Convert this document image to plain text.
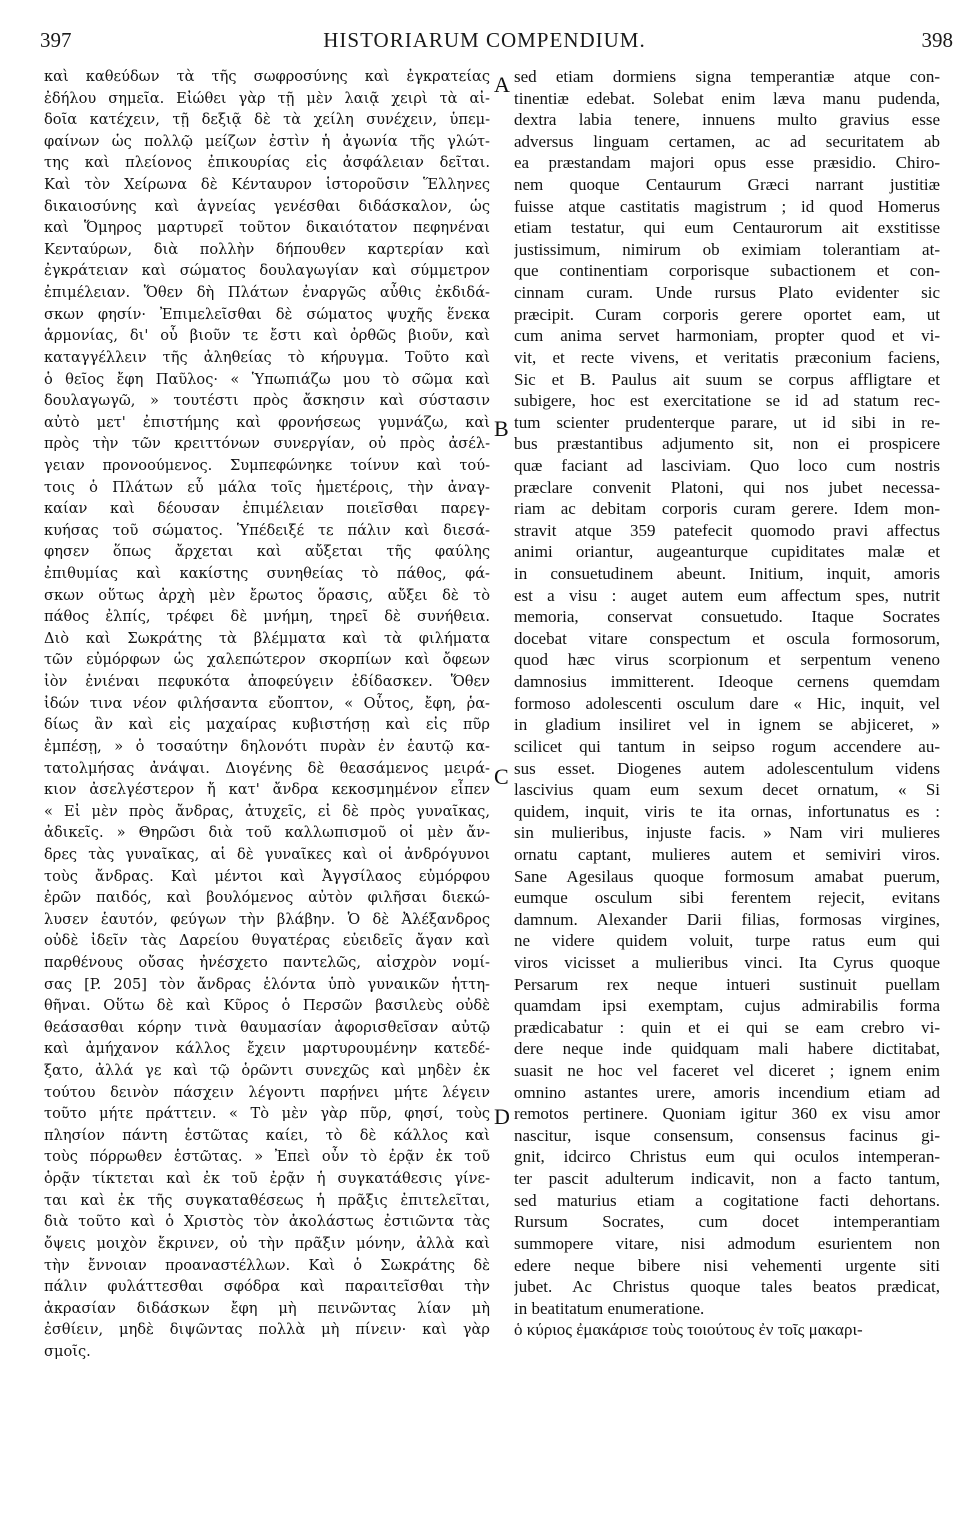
397	HISTORIARUM COMPENDIUM.	398
καὶ καθεύδων τὰ τῆς σωφροσύνης καὶ ἐγκρατείας
ἐδήλου σημεῖα. Εἰώθει γὰρ τῇ μὲν λαιᾷ χειρὶ τὰ αἰ-
δοῖα κατέχειν, τῇ δεξιᾷ δὲ τὰ χείλη συνέχειν, ὑπεμ-
φαίνων ὡς πολλῷ μείζων ἐστὶν ἡ ἀγωνία τῆς γλώτ-
της καὶ πλείονος ἐπικουρίας εἰς ἀσφάλειαν δεῖται.
Καὶ τὸν Χείρωνα δὲ Κένταυρον ἱστοροῦσιν Ἕλληνες
δικαιοσύνης καὶ ἁγνείας γενέσθαι διδάσκαλον, ὡς
καὶ Ὅμηρος μαρτυρεῖ τοῦτον δικαιότατον πεφηνέναι
Κενταύρων, διὰ πολλὴν δήπουθεν καρτερίαν καὶ
ἐγκράτειαν καὶ σώματος δουλαγωγίαν καὶ σύμμετρον
ἐπιμέλειαν. Ὅθεν δὴ Πλάτων ἐναργῶς αὖθις ἐκδιδά-
σκων φησίν· Ἐπιμελεῖσθαι δὲ σώματος ψυχῆς ἕνεκα
ἁρμονίας, δι' οὗ βιοῦν τε ἔστι καὶ ὀρθῶς βιοῦν, καὶ
καταγγέλλειν τῆς ἀληθείας τὸ κήρυγμα. Τοῦτο καὶ
ὁ θεῖος ἔφη Παῦλος· « Ὑπωπιάζω μου τὸ σῶμα καὶ
δουλαγωγῶ, » τουτέστι πρὸς ἄσκησιν καὶ σύστασιν
αὐτὸ μετ' ἐπιστήμης καὶ φρονήσεως γυμνάζω, καὶ
πρὸς τὴν τῶν κρειττόνων συνεργίαν, οὐ πρὸς ἀσέλ-
γειαν προνοούμενος. Συμπεφώνηκε τοίνυν καὶ τού-
τοις ὁ Πλάτων εὖ μάλα τοῖς ἡμετέροις, τὴν ἀναγ-
καίαν καὶ δέουσαν ἐπιμέλειαν ποιεῖσθαι παρεγ-
κυήσας τοῦ σώματος. Ὑπέδειξέ τε πάλιν καὶ διεσά-
φησεν ὅπως ἄρχεται καὶ αὔξεται τῆς φαύλης
ἐπιθυμίας καὶ κακίστης συνηθείας τὸ πάθος, φά-
σκων οὕτως ἀρχὴ μὲν ἔρωτος ὅρασις, αὔξει δὲ τὸ
πάθος ἐλπίς, τρέφει δὲ μνήμη, τηρεῖ δὲ συνήθεια.
Διὸ καὶ Σωκράτης τὰ βλέμματα καὶ τὰ φιλήματα
τῶν εὐμόρφων ὡς χαλεπώτερον σκορπίων καὶ ὄφεων
ἰὸν ἐνιέναι πεφυκότα ἀποφεύγειν ἐδίδασκεν. Ὅθεν
ἰδών τινα νέον φιλήσαντα εὔοπτον, « Οὗτος, ἔφη, ῥα-
δίως ἂν καὶ εἰς μαχαίρας κυβιστήσῃ καὶ εἰς πῦρ
ἐμπέσῃ, » ὁ τοσαύτην δηλονότι πυρὰν ἐν ἑαυτῷ κα-
τατολμήσας ἀνάψαι. Διογένης δὲ θεασάμενος μειρά-
κιον ἀσελγέστερον ἤ κατ' ἄνδρα κεκοσμημένον εἶπεν
« Εἰ μὲν πρὸς ἄνδρας, ἀτυχεῖς, εἰ δὲ πρὸς γυναῖκας,
ἀδικεῖς. » Θηρῶσι διὰ τοῦ καλλωπισμοῦ οἱ μὲν ἄν-
δρες τὰς γυναῖκας, αἱ δὲ γυναῖκες καὶ οἱ ἀνδρόγυνοι
τοὺς ἄνδρας. Καὶ μέντοι καὶ Ἀγγσίλαος εὐμόρφου
ἐρῶν παιδός, καὶ βουλόμενος αὐτὸν φιλῆσαι διεκώ-
λυσεν ἑαυτόν, φεύγων τὴν βλάβην. Ὁ δὲ Ἀλέξανδρος
οὐδὲ ἰδεῖν τὰς Δαρείου θυγατέρας εὐειδεῖς ἄγαν καὶ
παρθένους οὔσας ἠνέσχετο παντελῶς, αἰσχρὸν νομί-
σας [P. 205] τὸν ἄνδρας ἑλόντα ὑπὸ γυναικῶν ἡττη-
θῆναι. Οὕτω δὲ καὶ Κῦρος ὁ Περσῶν βασιλεὺς οὐδὲ
θεάσασθαι κόρην τινὰ θαυμασίαν ἀφορισθεῖσαν αὐτῷ
καὶ ἀμήχανον κάλλος ἔχειν μαρτυρουμένην κατεδέ-
ξατο, ἀλλά γε καὶ τῷ ὁρῶντι συνεχῶς καὶ μηδὲν ἐκ
τούτου δεινὸν πάσχειν λέγοντι παρῄνει μήτε λέγειν
τοῦτο μήτε πράττειν. « Τὸ μὲν γὰρ πῦρ, φησί, τοὺς
πλησίον πάντη ἑστῶτας καίει, τὸ δὲ κάλλος καὶ
τοὺς πόρρωθεν ἑστῶτας. » Ἐπεὶ οὖν τὸ ἐρᾷν ἐκ τοῦ
ὁρᾷν τίκτεται καὶ ἐκ τοῦ ἐρᾷν ἡ συγκατάθεσις γίνε-
ται καὶ ἐκ τῆς συγκαταθέσεως ἡ πρᾶξις ἐπιτελεῖται,
διὰ τοῦτο καὶ ὁ Χριστὸς τὸν ἀκολάστως ἐστιῶντα τὰς
ὄψεις μοιχὸν ἔκρινεν, οὐ τὴν πρᾶξιν μόνην, ἀλλὰ καὶ
τὴν ἔννοιαν προαναστέλλων. Καὶ ὁ Σωκράτης δὲ
πάλιν φυλάττεσθαι σφόδρα καὶ παραιτεῖσθαι τὴν
ἀκρασίαν διδάσκων ἔφη μὴ πεινῶντας λίαν μὴ
ἐσθίειν, μηδὲ διψῶντας πολλὰ μὴ πίνειν· καὶ γὰρ
σμοῖς.
sed etiam dormiens signa temperantiæ atque con-
tinentiæ edebat. Solebat enim læva manu pudenda,
dextra labia tenere, innuens multo gravius esse
adversus linguam certamen, ac ad securitatem ab
ea præstandam majori opus esse præsidio. Chiro-
nem quoque Centaurum Græci narrant justitiæ
fuisse atque castitatis magistrum ; id quod Homerus
etiam testatur, qui eum Centaurorum ait exstitisse
justissimum, nimirum ob eximiam tolerantiam at-
que continentiam corporisque subactionem et con-
cinnam curam. Unde rursus Plato evidenter sic
præcipit. Curam corporis gerere oportet eam, ut
cum anima servet harmoniam, propter quod et vi-
vit, et recte vivens, et veritatis præconium faciens,
Sic et B. Paulus ait suum se corpus affligtare et
subigere, hoc est exercitatione se id ad statum rec-
tum scienter prudenterque parare, ut id sibi in re-
bus præstantibus adjumento sit, non ei prospicere
quæ faciant ad lasciviam. Quo loco cum nostris
præclare convenit Platoni, qui nos jubet necessa-
riam ac debitam corporis curam gerere. Idem mon-
stravit atque 359 patefecit quomodo pravi affectus
animi oriantur, augeanturque cupiditates malæ et
in consuetudinem abeunt. Initium, inquit, amoris
est a visu : auget autem eum affectum spes, nutrit
memoria, conservat consuetudo. Itaque Socrates
docebat vitare conspectum et oscula formosorum,
quod hæc virus scorpionum et serpentum veneno
damnosius immitterent. Ideoque cernens quemdam
formoso adolescenti osculum dare « Hic, inquit, vel
in gladium insiliret vel in ignem se abjiceret, »
scilicet qui tantum in seipso rogum accendere au-
sus esset. Diogenes autem adolescentulum videns
lascivius quam eum sexum decet ornatum, « Si
quidem, inquit, viris te ita ornas, infortunatus es :
sin mulieribus, injuste facis. » Nam viri mulieres
ornatu captant, mulieres autem et semiviri viros.
Sane Agesilaus quoque formosum amabat puerum,
eumque osculum sibi ferentem rejecit, evitans
damnum. Alexander Darii filias, formosas virgines,
ne videre quidem voluit, turpe ratus eum qui
viros vicisset a mulieribus vinci. Ita Cyrus quoque
Persarum rex neque intueri sustinuit puellam
quamdam ipsi exemptam, cujus admirabilis forma
prædicabatur : quin et ei qui se eam crebro vi-
dere neque inde quidquam mali habere dictitabat,
suasit ne hoc vel faceret vel diceret ; ignem enim
omnino astantes urere, amoris incendium etiam ad
remotos pertinere. Quoniam igitur 360 ex visu amor
nascitur, isque consensum, consensus facinus gi-
gnit, idcirco Christus eum qui oculos intemperan-
ter pascit adulterum indicavit, non a facto tantum,
sed maturius etiam a cogitatione facti dehortans.
Rursum Socrates, cum docet intemperantiam
summopere vitare, nisi admodum esurientem non
edere neque bibere nisi vehementi urgente siti
jubet. Ac Christus quoque tales beatos prædicat,
in beatitatum enumeratione.
ὁ κύριος ἐμακάρισε τοὺς τοιούτους ἐν τοῖς μακαρι-
A
B
C
D
